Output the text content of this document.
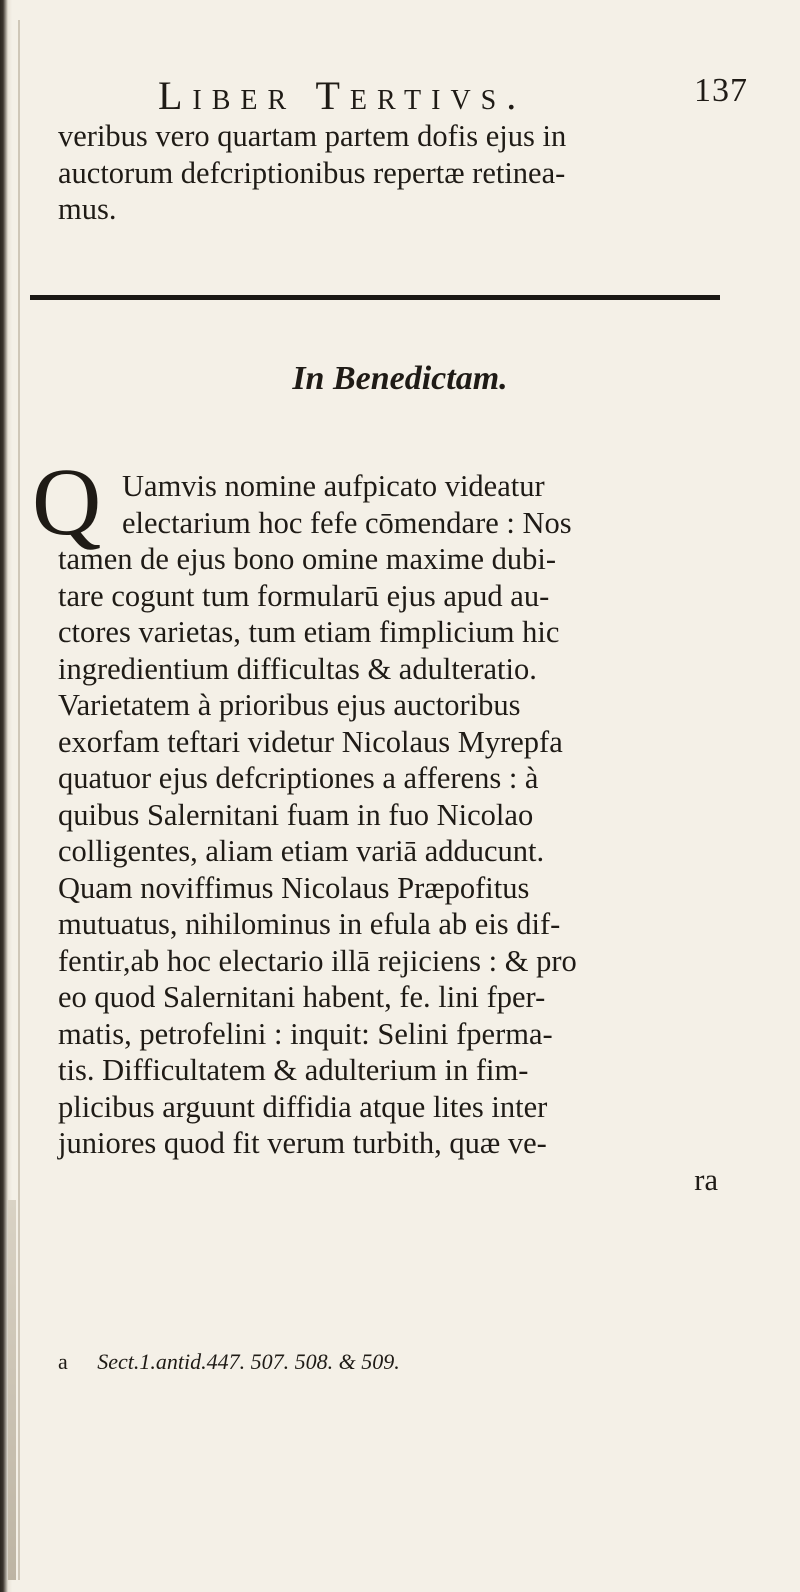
Liber Tertivs.	137
veribus vero quartam partem dofis ejus in
auctorum defcriptionibus repertæ retinea-
mus.
In Benedictam.
Q Uamvis nomine aufpicato videatur
electarium hoc fefe cōmendare : Nos
tamen de ejus bono omine maxime dubi-
tare cogunt tum formularū ejus apud au-
ctores varietas, tum etiam fimplicium hic
ingredientium difficultas & adulteratio.
Varietatem à prioribus ejus auctoribus
exorfam teftari videtur Nicolaus Myrepfa
quatuor ejus defcriptiones a afferens : à
quibus Salernitani fuam in fuo Nicolao
colligentes, aliam etiam variā adducunt.
Quam noviffimus Nicolaus Præpofitus
mutuatus, nihilominus in efula ab eis dif-
fentir,ab hoc electario illā rejiciens : & pro
eo quod Salernitani habent, fe. lini fper-
matis, petrofelini : inquit: Selini fperma-
tis. Difficultatem & adulterium in fim-
plicibus arguunt diffidia atque lites inter
juniores quod fit verum turbith, quæ ve-
ra
a Sect.1.antid.447. 507. 508. & 509.
